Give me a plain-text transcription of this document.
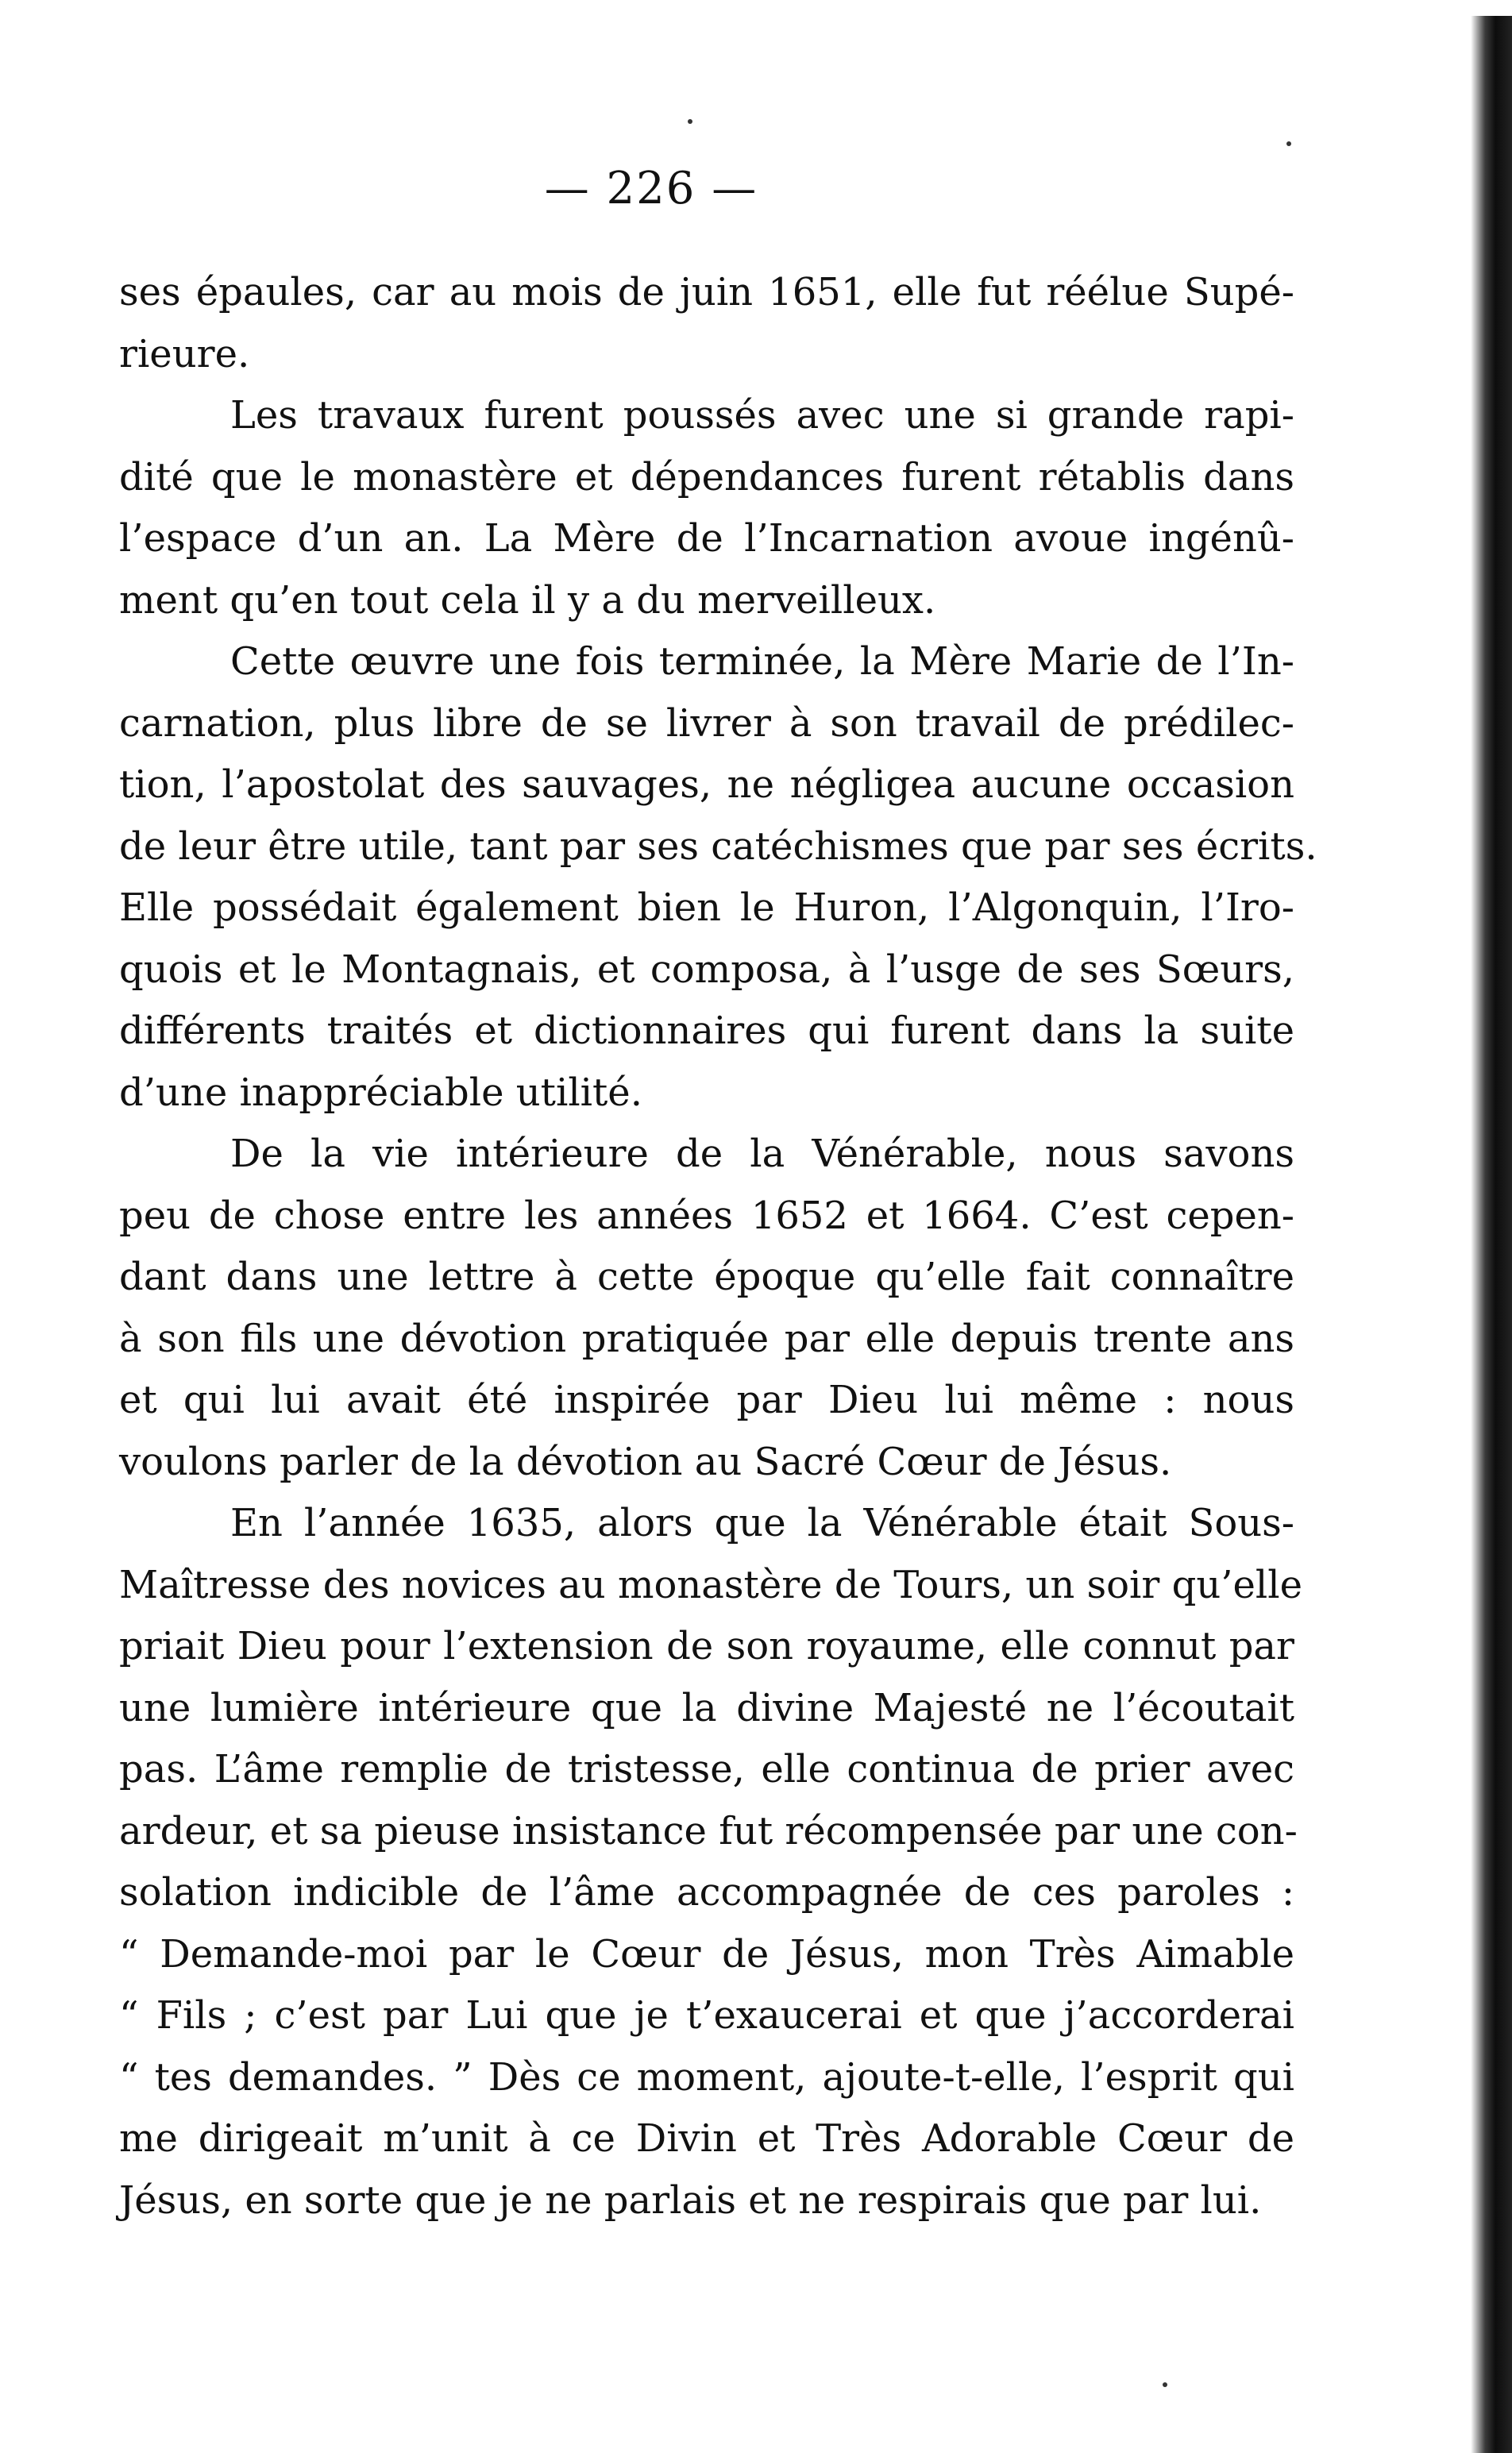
— 226 —
ses épaules, car au mois de juin 1651, elle fut réélue Supé-
rieure.
Les travaux furent poussés avec une si grande rapi-
dité que le monastère et dépendances furent rétablis dans
l’espace d’un an. La Mère de l’Incarnation avoue ingénû-
ment qu’en tout cela il y a du merveilleux.
Cette œuvre une fois terminée, la Mère Marie de l’In-
carnation, plus libre de se livrer à son travail de prédilec-
tion, l’apostolat des sauvages, ne négligea aucune occasion
de leur être utile, tant par ses catéchismes que par ses écrits.
Elle possédait également bien le Huron, l’Algonquin, l’Iro-
quois et le Montagnais, et composa, à l’usge de ses Sœurs,
différents traités et dictionnaires qui furent dans la suite
d’une inappréciable utilité.
De la vie intérieure de la Vénérable, nous savons
peu de chose entre les années 1652 et 1664. C’est cepen-
dant dans une lettre à cette époque qu’elle fait connaître
à son fils une dévotion pratiquée par elle depuis trente ans
et qui lui avait été inspirée par Dieu lui même : nous
voulons parler de la dévotion au Sacré Cœur de Jésus.
En l’année 1635, alors que la Vénérable était Sous-
Maîtresse des novices au monastère de Tours, un soir qu’elle
priait Dieu pour l’extension de son royaume, elle connut par
une lumière intérieure que la divine Majesté ne l’écoutait
pas. L’âme remplie de tristesse, elle continua de prier avec
ardeur, et sa pieuse insistance fut récompensée par une con-
solation indicible de l’âme accompagnée de ces paroles :
“ Demande-moi par le Cœur de Jésus, mon Très Aimable
“ Fils ; c’est par Lui que je t’exaucerai et que j’accorderai
“ tes demandes. ” Dès ce moment, ajoute-t-elle, l’esprit qui
me dirigeait m’unit à ce Divin et Très Adorable Cœur de
Jésus, en sorte que je ne parlais et ne respirais que par lui.
